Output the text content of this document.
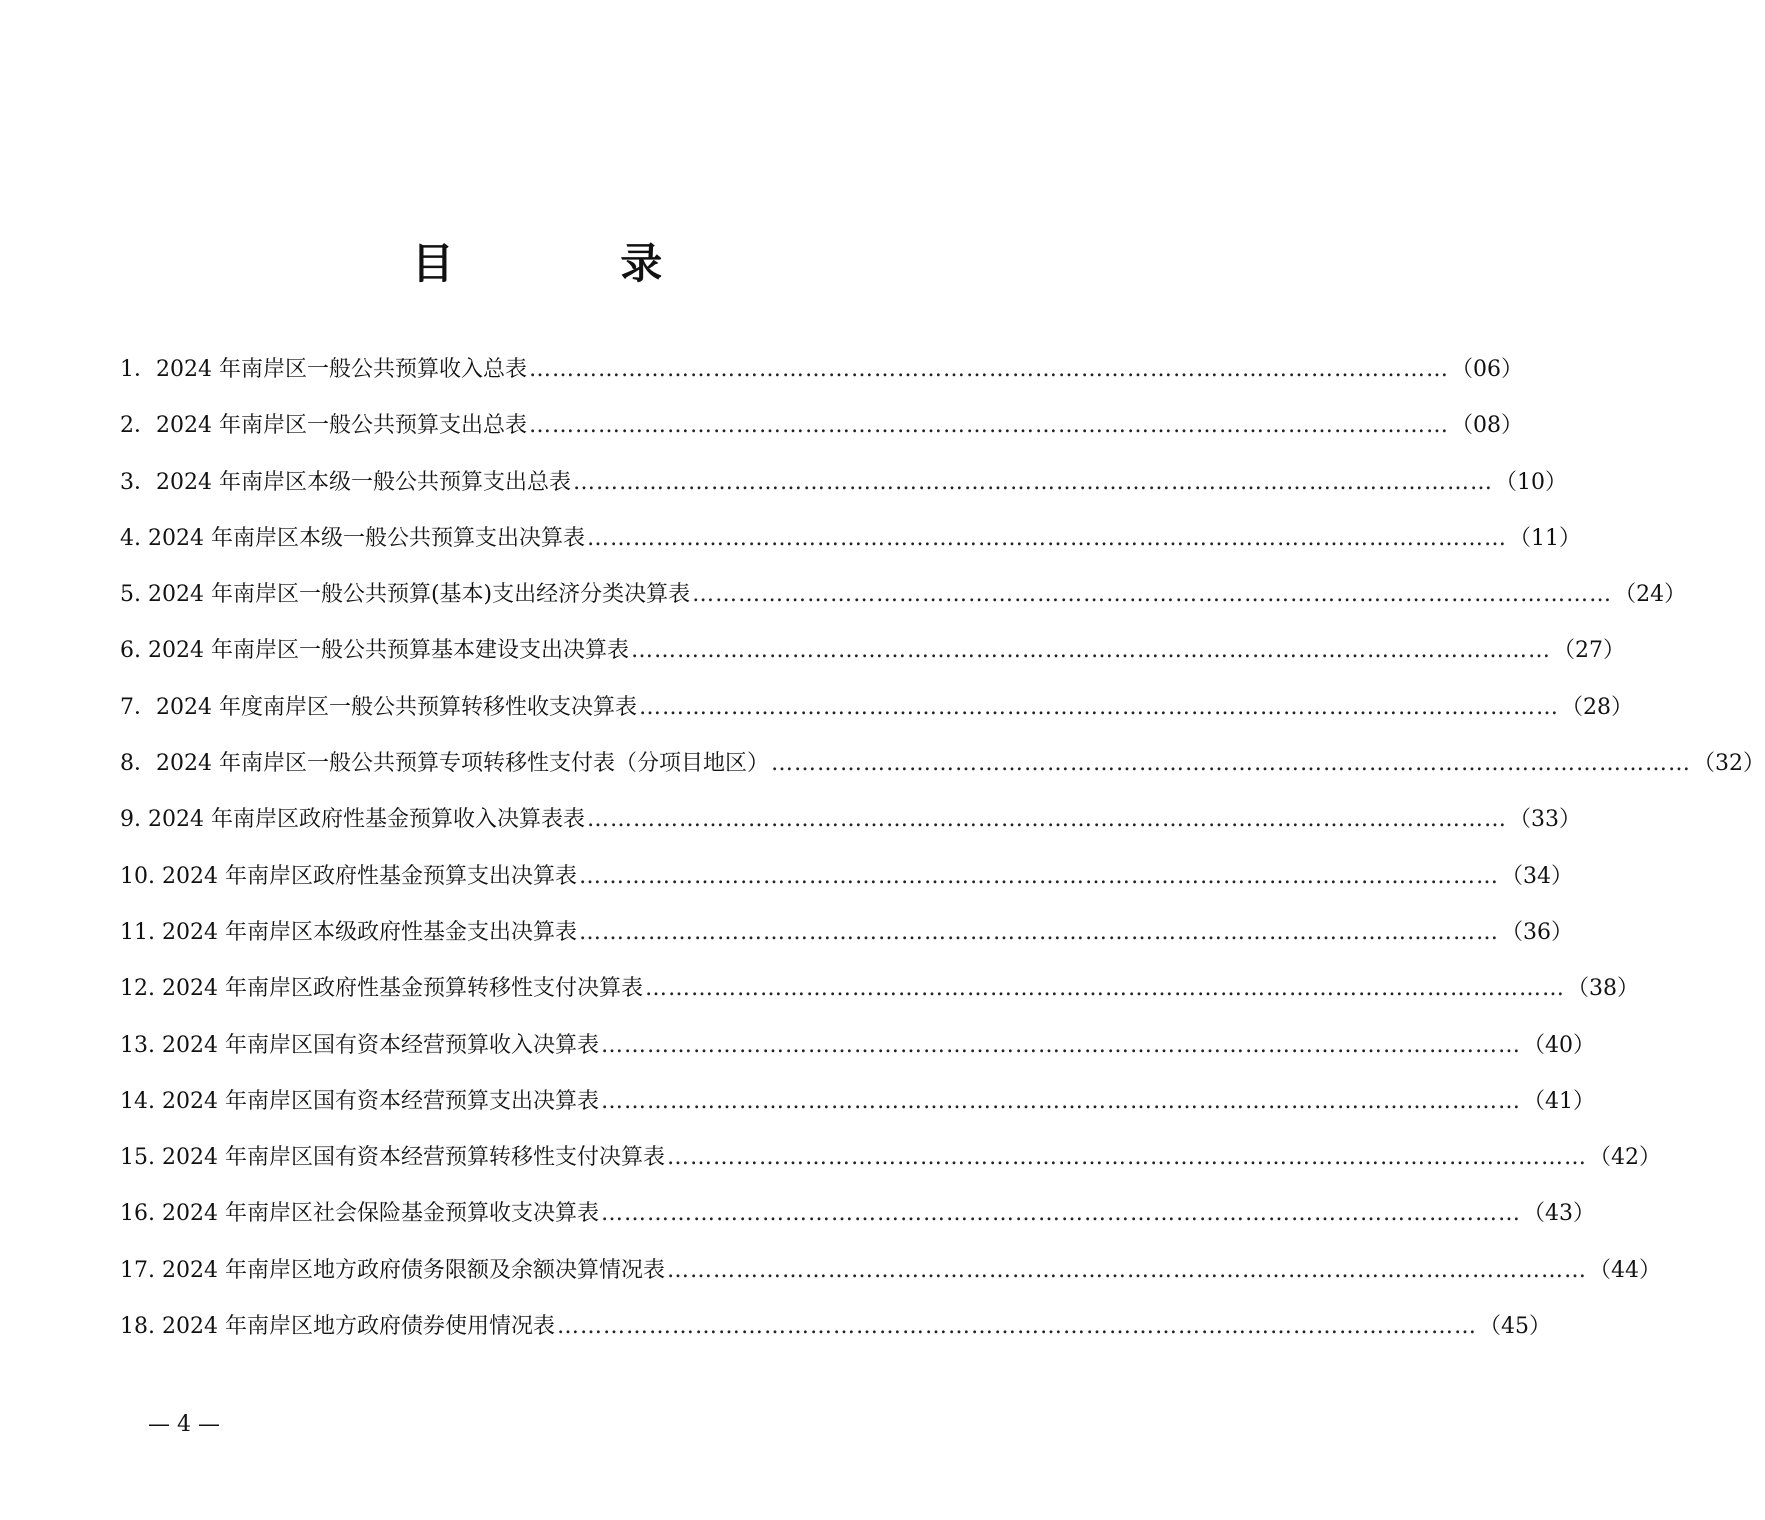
目 录
1．2024 年南岸区一般公共预算收入总表 ………………………………………………………………………………………………………… （06）
2．2024 年南岸区一般公共预算支出总表 ………………………………………………………………………………………………………… （08）
3．2024 年南岸区本级一般公共预算支出总表 ………………………………………………………………………………………………………… （10）
4. 2024 年南岸区本级一般公共预算支出决算表 ………………………………………………………………………………………………………… （11）
5. 2024 年南岸区一般公共预算(基本)支出经济分类决算表 ………………………………………………………………………………………………………… （24）
6. 2024 年南岸区一般公共预算基本建设支出决算表 ………………………………………………………………………………………………………… （27）
7．2024 年度南岸区一般公共预算转移性收支决算表 ………………………………………………………………………………………………………… （28）
8．2024 年南岸区一般公共预算专项转移性支付表（分项目地区） ………………………………………………………………………………………………………… （32）
9. 2024 年南岸区政府性基金预算收入决算表表 ………………………………………………………………………………………………………… （33）
10. 2024 年南岸区政府性基金预算支出决算表 ………………………………………………………………………………………………………… （34）
11. 2024 年南岸区本级政府性基金支出决算表 ………………………………………………………………………………………………………… （36）
12. 2024 年南岸区政府性基金预算转移性支付决算表 ………………………………………………………………………………………………………… （38）
13. 2024 年南岸区国有资本经营预算收入决算表 ………………………………………………………………………………………………………… （40）
14. 2024 年南岸区国有资本经营预算支出决算表 ………………………………………………………………………………………………………… （41）
15. 2024 年南岸区国有资本经营预算转移性支付决算表 ………………………………………………………………………………………………………… （42）
16. 2024 年南岸区社会保险基金预算收支决算表 ………………………………………………………………………………………………………… （43）
17. 2024 年南岸区地方政府债务限额及余额决算情况表 ………………………………………………………………………………………………………… （44）
18. 2024 年南岸区地方政府债券使用情况表 ………………………………………………………………………………………………………… （45）
— 4 —
